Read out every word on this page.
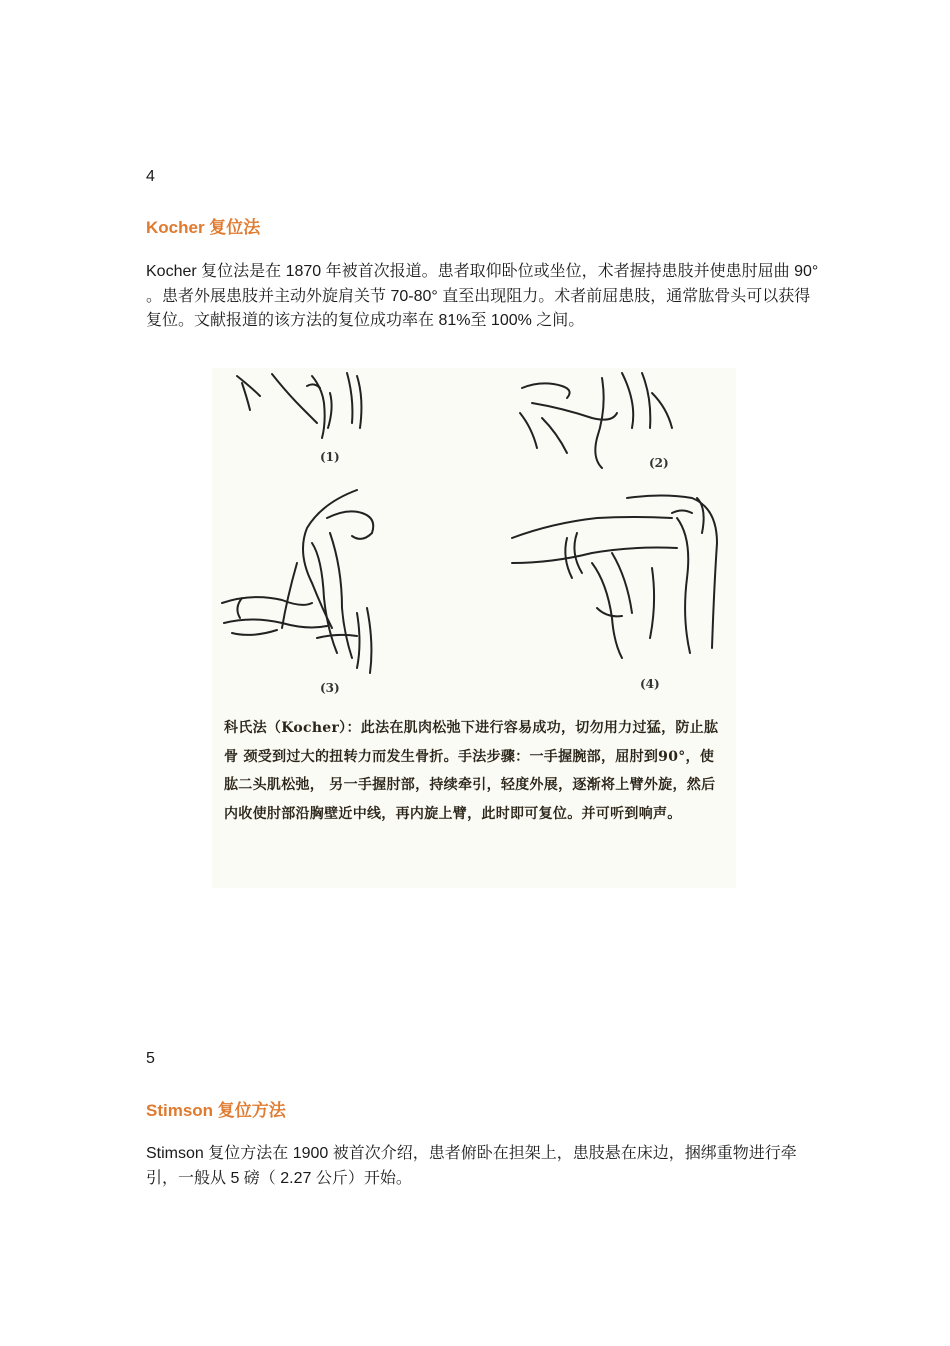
4
Kocher 复位法
Kocher 复位法是在 1870 年被首次报道。患者取仰卧位或坐位，术者握持患肢并使患肘屈曲 90° 。患者外展患肢并主动外旋肩关节 70-80° 直至出现阻力。术者前屈患肢，通常肱骨头可以获得复位。文献报道的该方法的复位成功率在 81%至 100% 之间。
(1)	(2)
(3)	(4)
科氏法（Kocher）：此法在肌肉松弛下进行容易成功，切勿用力过猛，防止肱骨 颈受到过大的扭转力而发生骨折。手法步骤：一手握腕部，屈肘到90°，使肱二头肌松弛， 另一手握肘部，持续牵引，轻度外展，逐渐将上臂外旋，然后内收使肘部沿胸壁近中线，再内旋上臂，此时即可复位。并可听到响声。
5
Stimson 复位方法
Stimson 复位方法在 1900 被首次介绍，患者俯卧在担架上，患肢悬在床边，捆绑重物进行牵引，一般从 5 磅（ 2.27 公斤）开始。
